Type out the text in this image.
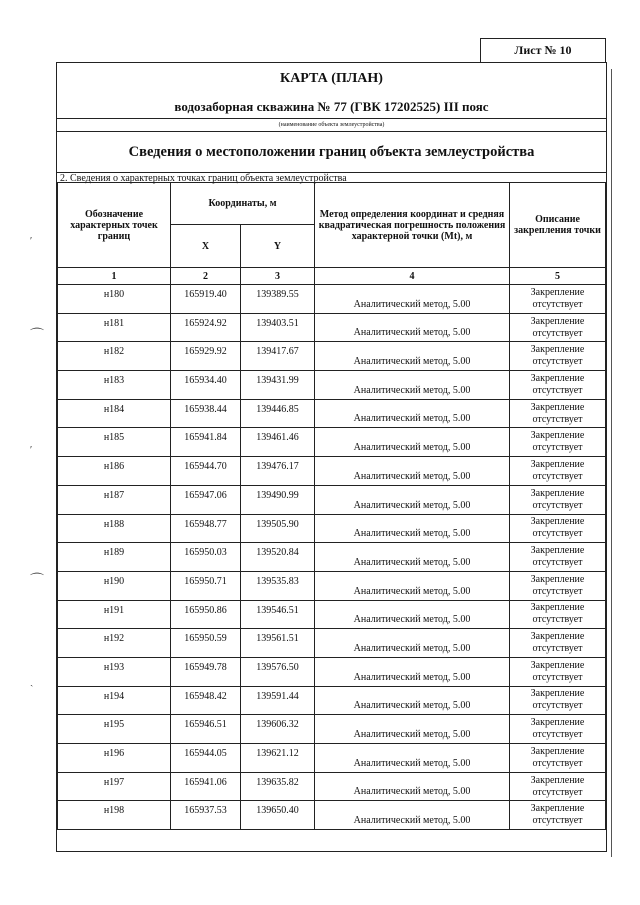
Лист № 10
КАРТА (ПЛАН)
водозаборная скважина № 77 (ГВК 17202525) III пояс
(наименование объекта землеустройства)
Сведения о местоположении границ объекта землеустройства
2. Сведения о характерных точках границ объекта землеустройства
Обозначение характерных точек границ	Координаты, м		Метод определения координат и средняя квадратическая погрешность положения характерной точки (Mt), м	Описание закрепления точки
	X	Y		
1	2	3	4	5
н180	165919.40	139389.55	Аналитический метод, 5.00	Закрепление отсутствует
н181	165924.92	139403.51	Аналитический метод, 5.00	Закрепление отсутствует
н182	165929.92	139417.67	Аналитический метод, 5.00	Закрепление отсутствует
н183	165934.40	139431.99	Аналитический метод, 5.00	Закрепление отсутствует
н184	165938.44	139446.85	Аналитический метод, 5.00	Закрепление отсутствует
н185	165941.84	139461.46	Аналитический метод, 5.00	Закрепление отсутствует
н186	165944.70	139476.17	Аналитический метод, 5.00	Закрепление отсутствует
н187	165947.06	139490.99	Аналитический метод, 5.00	Закрепление отсутствует
н188	165948.77	139505.90	Аналитический метод, 5.00	Закрепление отсутствует
н189	165950.03	139520.84	Аналитический метод, 5.00	Закрепление отсутствует
н190	165950.71	139535.83	Аналитический метод, 5.00	Закрепление отсутствует
н191	165950.86	139546.51	Аналитический метод, 5.00	Закрепление отсутствует
н192	165950.59	139561.51	Аналитический метод, 5.00	Закрепление отсутствует
н193	165949.78	139576.50	Аналитический метод, 5.00	Закрепление отсутствует
н194	165948.42	139591.44	Аналитический метод, 5.00	Закрепление отсутствует
н195	165946.51	139606.32	Аналитический метод, 5.00	Закрепление отсутствует
н196	165944.05	139621.12	Аналитический метод, 5.00	Закрепление отсутствует
н197	165941.06	139635.82	Аналитический метод, 5.00	Закрепление отсутствует
н198	165937.53	139650.40	Аналитический метод, 5.00	Закрепление отсутствует

ʹ
⌒
ʹ
⌒
ˏ
